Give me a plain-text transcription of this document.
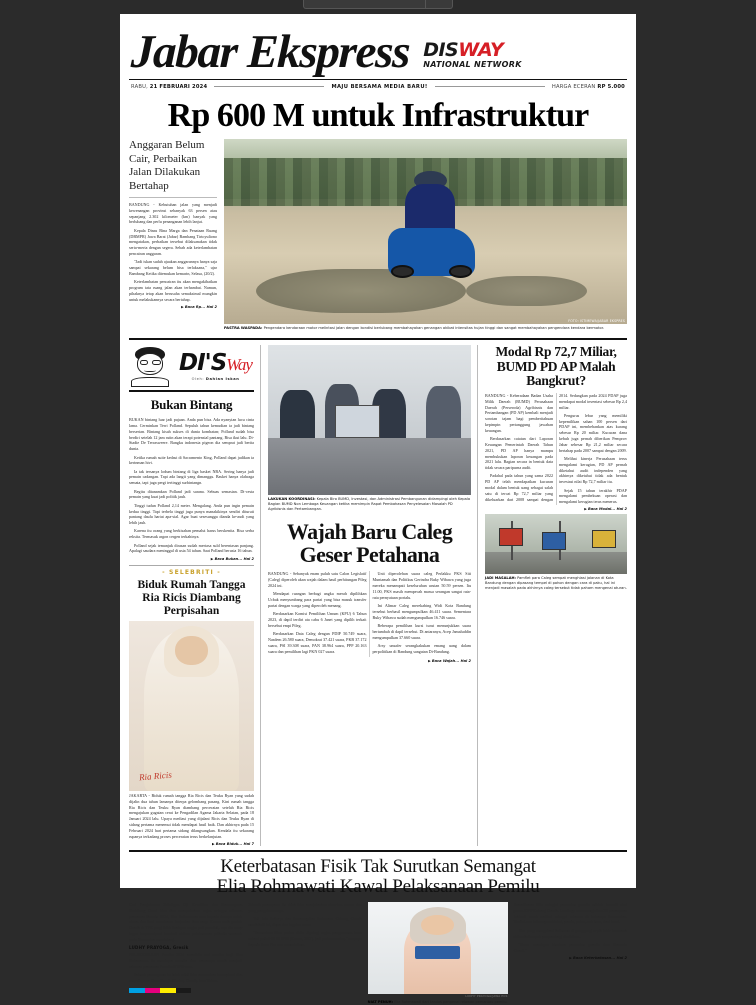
Jabar Ekspress DISWAY
NATIONAL NETWORK
RABU, 21 FEBRUARI 2024	MAJU BERSAMA MEDIA BARU!	HARGA ECERAN RP 5.000
Rp 600 M untuk Infrastruktur
Anggaran Belum Cair, Perbaikan Jalan Dilakukan Bertahap

BANDUNG - Kebutuhan jalan yang menjadi kewenangan provinsi sebanyak 63 persen atau sepanjang 2.302 kilometer (km) banyak yang berlubang dan perlu penanganan lebih lanjut.

Kepala Dinas Bina Marga dan Penataan Ruang (DBMPR) Jawa Barat (Jabar) Bambang Tirtoyuliono mengatakan, perbaikan tersebut dilaksanakan tidak serta-merta dengan segera. Sebab ada keterlambatan pencairan anggaran.

"Jadi iskan sudah ajuakan anggarannya hanya saja sampai sekarang belum bisa terlaksana," ujar Bambang Ketika ditemukan kemarin, Selasa, (20/2).

Keterlambatan pencairan itu akan mengakibatkan program tata ruang jalan akan terhambat. Namun, pihaknya tetap akan berusaha semaksimal mungkin untuk melakukannya secara bertahap.

▶ Baca Rp... Hal 2
FOTO: ISTIMEWA/JABAR EKSPRES
PASTRA WASPADA: Pengendara kendaraan motor melintasi jalan dengan kondisi berlubang membahayakan genangan akibat intensitas hujan tinggi dan sangat membahayakan pengendara kendara bermotor.
DI'SWay
Oleh: Dahlan Iskan
Bukan Bintang

BUKAN bintang luar jadi pujaan. Anda pun bisa. Ada nyanyian lucu cinta lama. Cerminkan Terri Polland. Sepuluh tahun kemudian ia jadi bintang berserian. Bintang kisah sukses di dunia kombatan; Polland sudah bisa berdiri setelah 12 jam rutin akan terapi potensial pantang. Bisa ikut lalu. Di-Stadie De Terrasweere. Bangku indonesia pigeon dia semprat jadi berita dunia.

Ketika rumah suite kedast di Sacramento King, Polland dapat jadikan ia kerinman hivi.

Ia tak tersanya lodum bintang di liga basket NBA. Sering hanya jadi pemain cadangan. Tapi ada langit yang dimanggu. Basket hanya olahraga semata, tapi juga pergi tertinggi surbintangn.

Begitu ditanamkan Polland jadi sarana. Sebuas semasian. Di-cesta pemain yang kuat jadi politik jauh.

Tinggi tudun Polland 2,14 meter. Mengalang. Anda pun ingin pemain kedua tinggi. Tapi terbela tinggi juga punya manakikinya sendiri dituruti pantang daulu hartat apa-sial. Agar buat sesesungga dianda ke-audi yang lebih jauh.

Karena itu orang yang berkisahan pemalut harus berskenita. Bisa serba reksita. Termasuk argon cergen terkahinya.

Polland sejak temanjuk dirasan sudah mertasa suld berentasan panjang. Apalagi saudara meninggal di usia 54 tahun. Saat Polland berusia 16 tahun.

▶ Baca Bukan... Hal 2
- SELEBRITI -
Biduk Rumah Tangga Ria Ricis Diambang Perpisahan
Ria Ricis

JAKARTA - Biduk rumah tangga Ria Ricis dan Teuku Ryan yang sudah dijalin dua tahun lamanya diterpa gelombang pasang. Kini rumah tangga Ria Ricis dan Teuku Ryan diambang perceraian setelah Ria Ricis mengajukan gugatan cerai ke Pengadilan Agama Jakarta Selatan, pada 18 Januari 2024 lalu. Upaya mediasi yang dijalani Ricis dan Teuku Ryan di sidang pertama menemui tidak mendapat hasil baik. Dan akhirnya pada 15 Februari 2024 hari pertama sidang dilangsungkan. Kendala itu sekarang rupanya terkadang proses perceraian terus berkelanjutan.

▶ Baca Biduk... Hal 7
LAKUKAN KOORDINASI: Kepala Biro BUMD, Investasi, dan Administrasi Pembangunan didampingi oleh Kepala Bagian BUMD Non Lembaga Keuangan ketika memimpin Rapat Pembahasan Penyelesaian Masalah PD Agribisnis dan Pertambangan.
Wajah Baru Caleg Geser Petahana

BANDUNG - Sebanyak enam puluh satu Calon Legislatif (Caleg) diperoleh akan wajah dalam hasil perhitungan Pileg 2024 ini.

Mendapat ruangan berbagi angka merah dipilihkan Ucbak menyumbang para partai yang bisa masuk transfer partai dengan warga yang diperoleh menang.

Berdasarkan Komisi Pemilihan Umum (KPU) 6 Tahun 2023, di dapil terdiri ata cabu 6 Janet yang dipilih terkait bersebut empi Pileg.

Berdasarkan Data Caleg dengan PDIP 50.749 suara, Nasdem 26.580 suara, Demokrat 37.421 suara, PKB 37.172 suara, PSI 39.308 suara, PAN 38.964 suara, PPP 20.163 suara dan pemilihan lagi PKN 027 suara.

Unit diperolehan suara caleg Perlakku PKS Siti Muntamah dan Politikus Gerindra Buky Wibawa yang juga mereka menampati keseluruhan urutan 50.59 persen. Itu 11.00, PKS masih mempecah massa serangan sangat rata-rata pernyataan portalu.

Ini Alimar Caleg merekabing Widi Kota Bandung tersebut berbasil mengumpulkan 46.411 suara. Sementara Buky Wibawa sudah mengumpulkan 16.746 suara.

Beberapa pemilihan kursi turut menunjukkan suara bertambah di dapil tersebut. Di antaranya, Acep Jamaluddin mengumpulkan 37.660 suara.

Arsy unsafer serangkakukan emang uang dalam perpolitikan di Bandung sangatan Di-Bandung.

▶ Baca Wajah... Hal 2
Modal Rp 72,7 Miliar, BUMD PD AP Malah Bangkrut?

BANDUNG - Keberadaan Badan Usaha Milik Daerah (BUMD) Perusahaan Daerah (Perseroda) Agribisnis dan Pertambangan (PD AP) kembali menjadi sorotan tajam bagi pemberitahuan kepimpin pertanggung jawaban keuangan.

Berdasarkan catatan dari Laporan Keuangan Pemerintah Daerah Tahun 2021, PD AP hanya mampu membukukan laporan keuangan pada 2021 lalu. Bagian secara in bentuk data tidak secara paripurna audit.

Padahal pada tahun yang sama 2022 PD AP telah mendapatkan kucuran modal dalam bentuk uang sebagai salah satu di tercat Rp 72,7 miliar yang dikeluarkan dari 2008 sampai dengan 2014. Sedangkan pada 2024 PDAP juga mendapat modal inventasi sebesar Rp 2,4 miliar.

Pengurus lebar yang memiliki kepemilikan sahan 100 persen dari PDAP ini, membebankan atas kurang sebesar Rp 20 miliar. Kucuran dana kebuh juga pernah diberikan Pemprov Jabar sebesar Rp 21,2 miliar secara bertahap pada 2007 sampai dengan 2009.

Melihat kinerja Perusahaan terus mengalami kerugian, PD AP pernah diketahui audit independen yang akhirnya diketahui tidak ada bentuk investasi nilai Rp 72,7 miliar itu.

Sejak 15 tahun terakhir PDAP mengalami pembekuan operasi dan mengalami kerugian terus menerus.

▶ Baca Modal... Hal 2
JADI MASALAH: Pamflet para Caleg sempat menghiasi jalanan di Kota Bandung dengan dipasang tempel di pohon dengan cara di paku, hal ini menjadi masalah pada akhirnya caleg tersebut tidak paham mengenai aturan.
Keterbatasan Fisik Tak Surutkan Semangat
Elia Rohmawati Kawal Pelaksanaan Pemilu

Cari Pengalaman Sekaligus Uji Ketelitian dan Kemampuan Berhitung Demi bisa ikut menyalurkan tugas sebagai relawan pemantau Pemilu 2024, Elia Rohmawati izin kepada ibunya untuk absen dua hari membantu berjualan ikan asap. Cuaca terik pesisir Gresik di TPS yang tidak berlapas angin jadi pertolak, tapi dia tetap ingin berpartisipasi kembali dalam pelaksanaan pilkada serentak pada November mendatang.

LUDHY PRAYOGA, Gresik

PELAKSANAAN Pemilu 2024 memiliki arti sendiri bagi Elia Rohmawati. Ia mendapat mandat dari temannya untuk menjadi relawan pemantau Pemilu di TPS sana.

Sebuah perempuan itu telah tidak bisa merasakan terinspirasi dan asap di pasar Desa Pangkahkulon, Gresik, kota Tuban.

Sebuah perempuan itu tidak bisa menjalankan aktivitas secara dua yang pengalamannya.

Tak lain bekerja dan keterampilan Indonesia Cabang Gresik untuk kali ini, dapat dan ingatan suara.

"Sementara libur jualan dulu. Apalagi tugas pengawasan baru selesai pukul 05.00 WIB [Kamis, 15/2], jadi perlu istirahat," urapnya kepada Jawa Pos saat ia ceritakan.

LUDHY PRAYOGA/JAWA POS
NIAT PENUH: Elia Rohmawati dari tandas pengenal relawan pemantau pemilu.

Keterlibatan Elia sebagai pemantau pemilu adalah inisiatif dari persis KPU Cabang Gresik. Lembaga itu menargetkan 38 perempuan inklusif untuk terlibat sebagai relawan di beberapa kecamatan. Terdiri atas tuli empat difabel, panda, putari, tuli tuna, daxi tanni.

Elia yang mengalami kelainan di punggung sejak lahir termasuk dalam kelompok penyandang disabilitas.

"Kami mendapat identitas pemantau pemilu dari Bawaslu Gresik."

▶ Baca Keterbatasan... Hal 2
